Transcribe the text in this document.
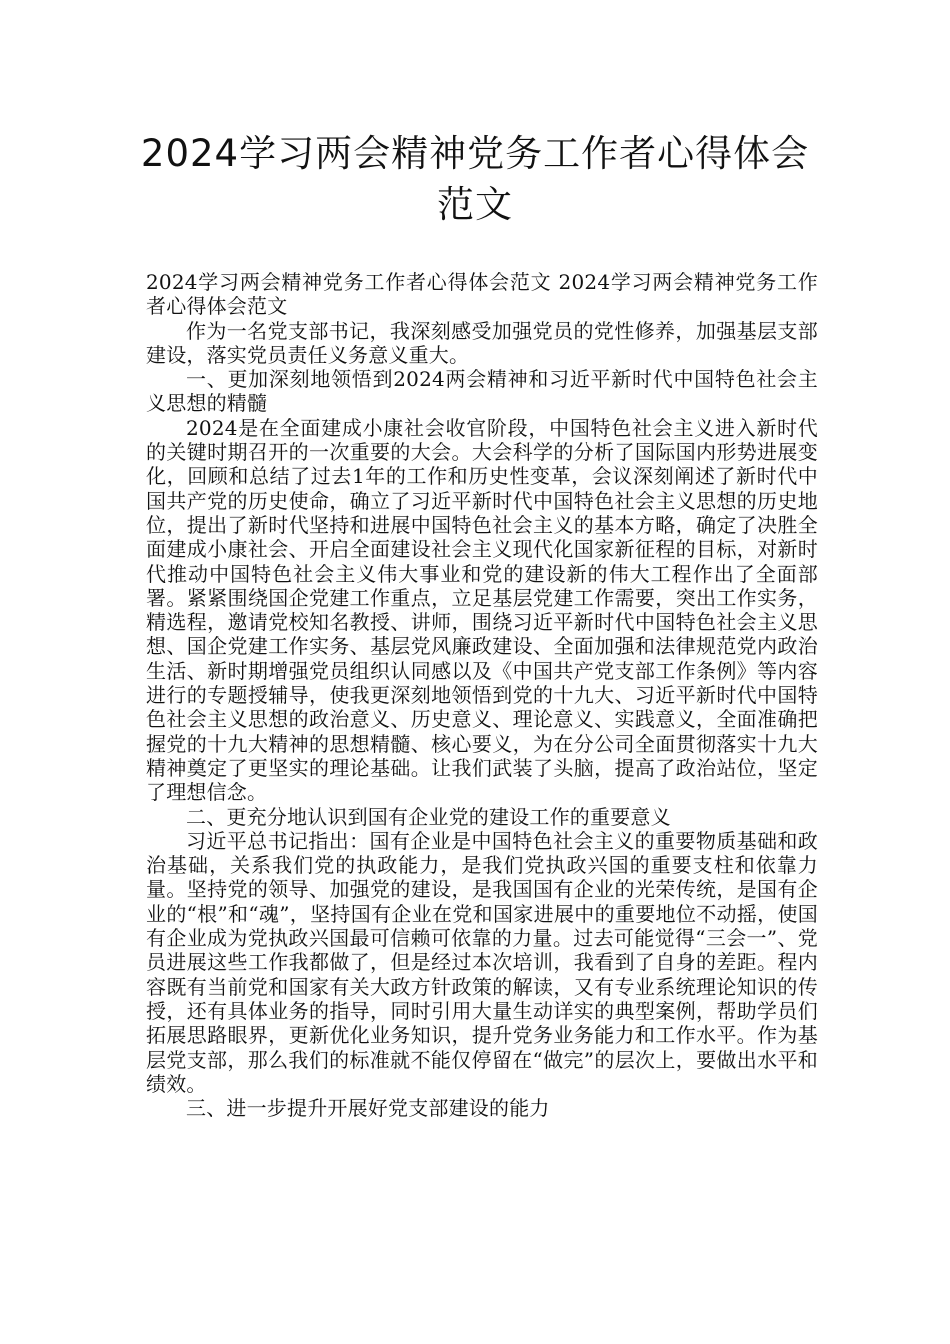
2024学习两会精神党务工作者心得体会
范文

2024学习两会精神党务工作者心得体会范文 2024学习两会精神党务工作者心得体会范文

作为一名党支部书记，我深刻感受加强党员的党性修养，加强基层支部建设，落实党员责任义务意义重大。

一、更加深刻地领悟到2024两会精神和习近平新时代中国特色社会主义思想的精髓

2024是在全面建成小康社会收官阶段，中国特色社会主义进入新时代的关键时期召开的一次重要的大会。大会科学的分析了国际国内形势进展变化，回顾和总结了过去1年的工作和历史性变革，会议深刻阐述了新时代中国共产党的历史使命，确立了习近平新时代中国特色社会主义思想的历史地位，提出了新时代坚持和进展中国特色社会主义的基本方略，确定了决胜全面建成小康社会、开启全面建设社会主义现代化国家新征程的目标，对新时代推动中国特色社会主义伟大事业和党的建设新的伟大工程作出了全面部署。紧紧围绕国企党建工作重点，立足基层党建工作需要，突出工作实务，精选程，邀请党校知名教授、讲师，围绕习近平新时代中国特色社会主义思想、国企党建工作实务、基层党风廉政建设、全面加强和法律规范党内政治生活、新时期增强党员组织认同感以及《中国共产党支部工作条例》等内容进行的专题授辅导，使我更深刻地领悟到党的十九大、习近平新时代中国特色社会主义思想的政治意义、历史意义、理论意义、实践意义，全面准确把握党的十九大精神的思想精髓、核心要义，为在分公司全面贯彻落实十九大精神奠定了更坚实的理论基础。让我们武装了头脑，提高了政治站位，坚定了理想信念。

二、更充分地认识到国有企业党的建设工作的重要意义

习近平总书记指出：国有企业是中国特色社会主义的重要物质基础和政治基础，关系我们党的执政能力，是我们党执政兴国的重要支柱和依靠力量。坚持党的领导、加强党的建设，是我国国有企业的光荣传统，是国有企业的“根”和“魂”，坚持国有企业在党和国家进展中的重要地位不动摇，使国有企业成为党执政兴国最可信赖可依靠的力量。过去可能觉得“三会一”、党员进展这些工作我都做了，但是经过本次培训，我看到了自身的差距。程内容既有当前党和国家有关大政方针政策的解读，又有专业系统理论知识的传授，还有具体业务的指导，同时引用大量生动详实的典型案例，帮助学员们拓展思路眼界，更新优化业务知识，提升党务业务能力和工作水平。作为基层党支部，那么我们的标准就不能仅停留在“做完”的层次上，要做出水平和绩效。

三、进一步提升开展好党支部建设的能力
